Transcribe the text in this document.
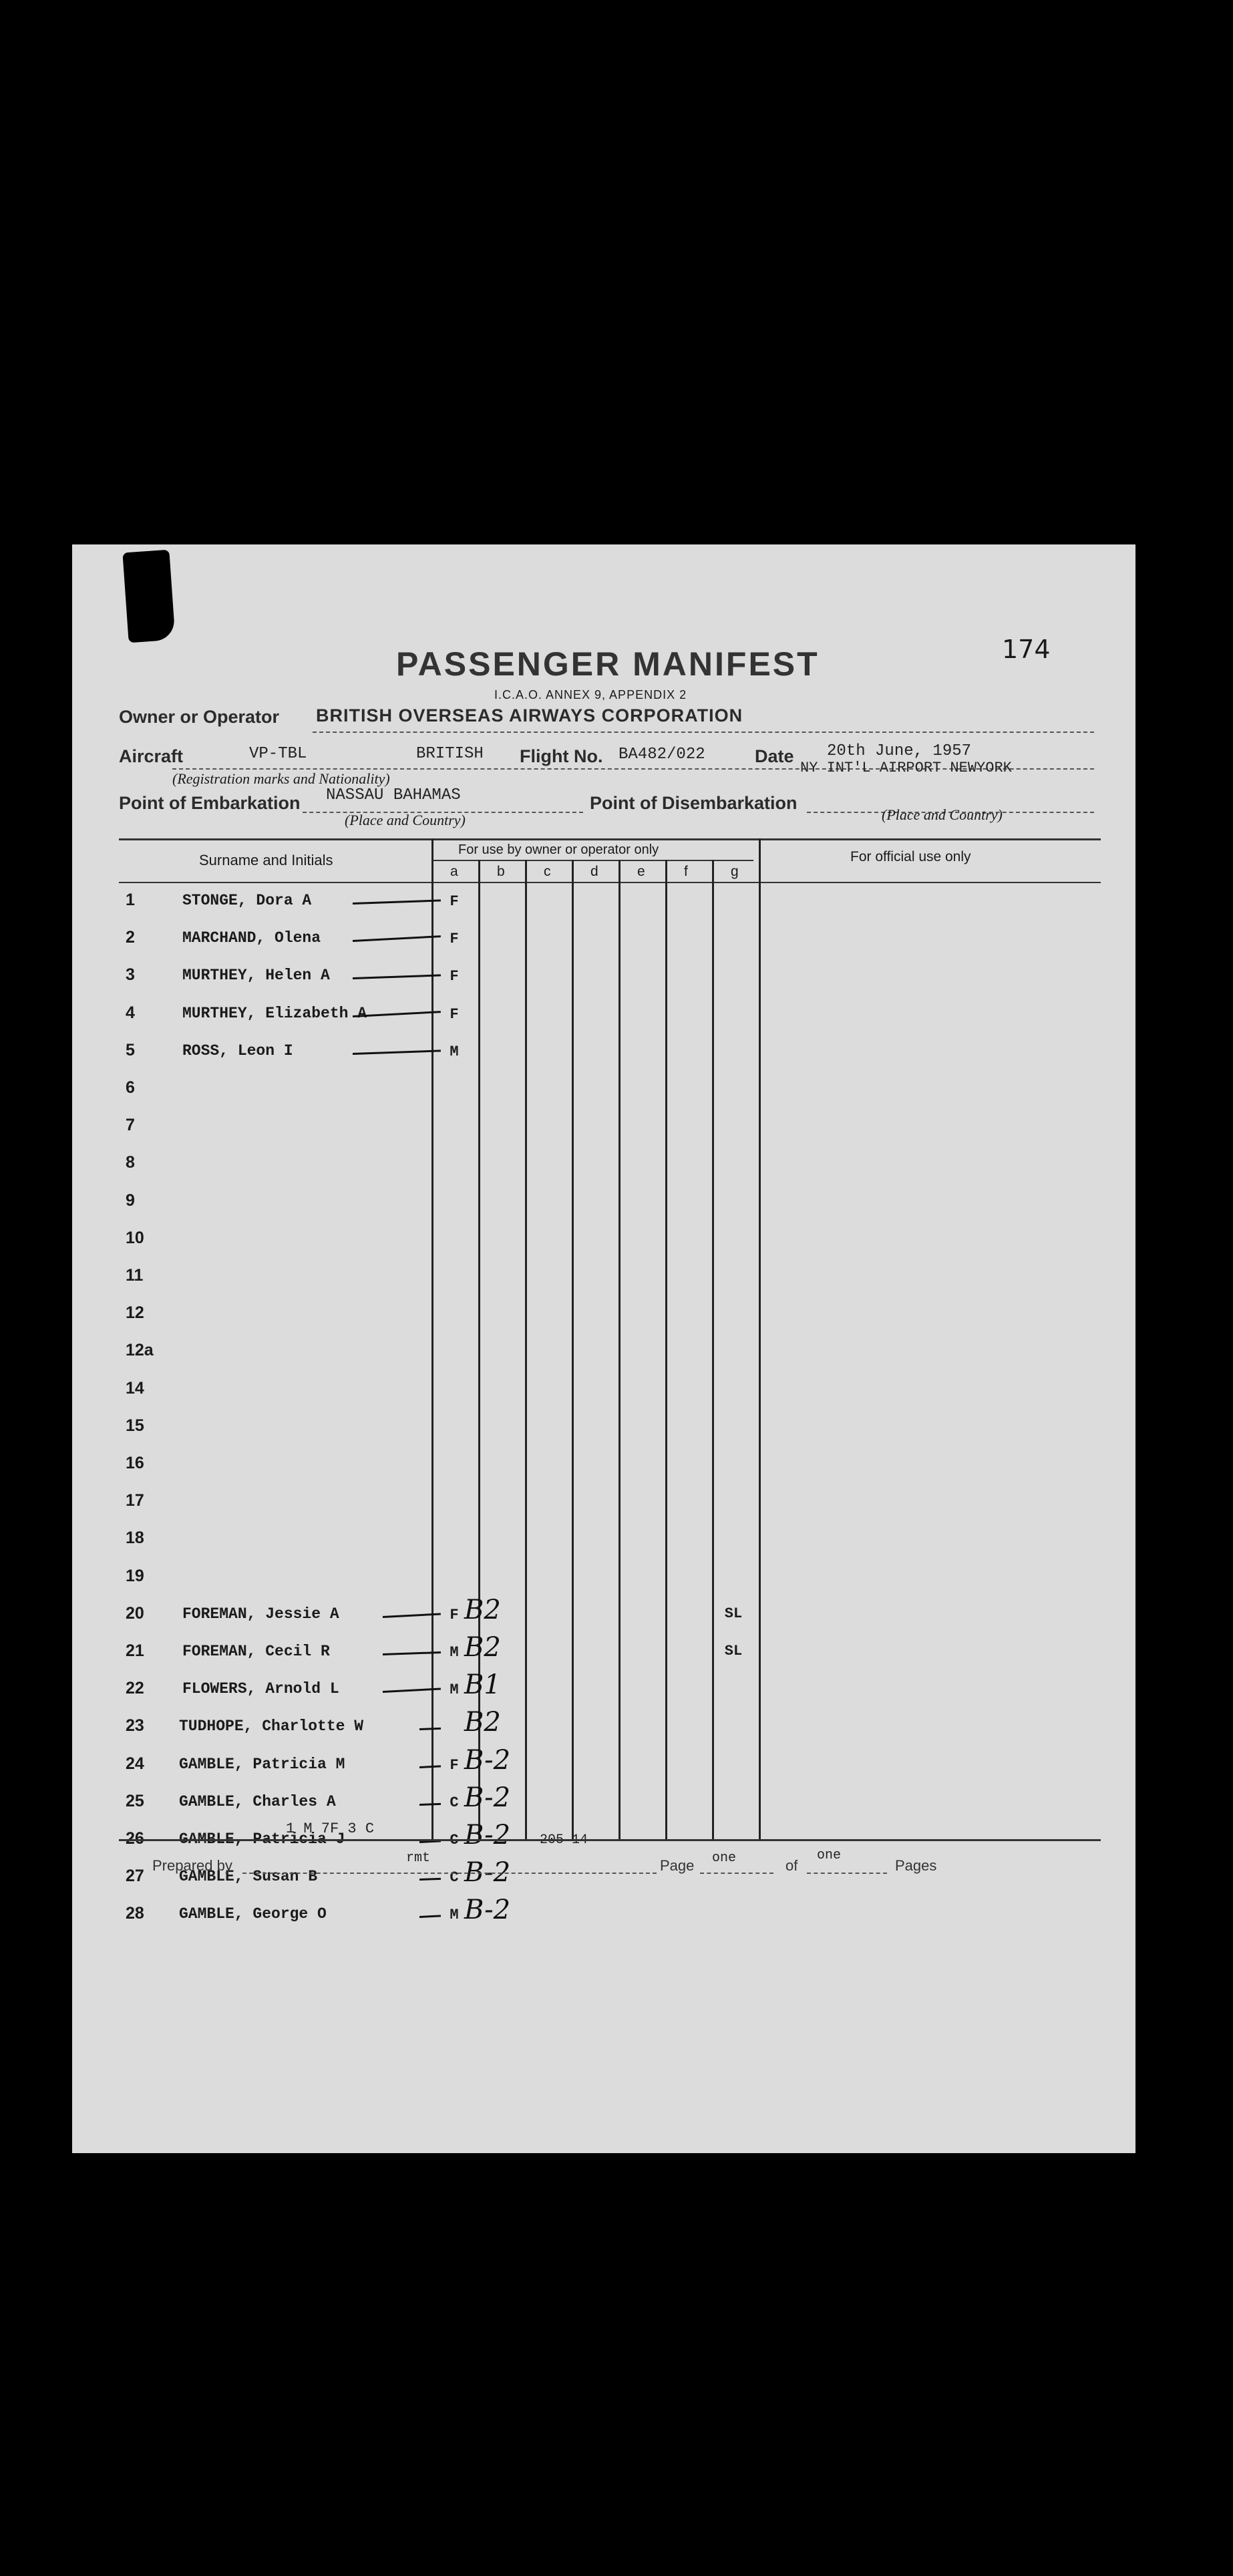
174
PASSENGER MANIFEST
I.C.A.O. ANNEX 9, APPENDIX 2
Owner or Operator BRITISH OVERSEAS AIRWAYS CORPORATION
Aircraft	VP-TBL	BRITISH Flight No. BA482/022	Date 20th June, 1957
NY INT'L AIRPORT NEWYORK
(Registration marks and Nationality)
Point of Embarkation NASSAU BAHAMAS	Point of Disembarkation
(Place and Country)	(Place and Country)
Surname and Initials
For use by owner or operator only	For official use only
a	b	c	d	e	f	g
1	STONGE, Dora A	F
2	MARCHAND, Olena	F
3	MURTHEY, Helen A	F
4	MURTHEY, Elizabeth A	F
5	ROSS, Leon I	M
6
7
8
9
10
11
12
12a
14
15
16
17
18
19
20	FOREMAN, Jessie A	F B2	SL
21	FOREMAN, Cecil R	M B2	SL
22	FLOWERS, Arnold L	M B1
23	TUDHOPE, Charlotte W	B2
24	GAMBLE, Patricia M	F B-2
25	GAMBLE, Charles A	C B-2
26	GAMBLE, Patricia J	C B-2
27	GAMBLE, Susan B	C B-2
28	GAMBLE, George O	M B-2
1 M 7F 3 C
205 14
Prepared by	rmt	Page one	of
one
Pages
